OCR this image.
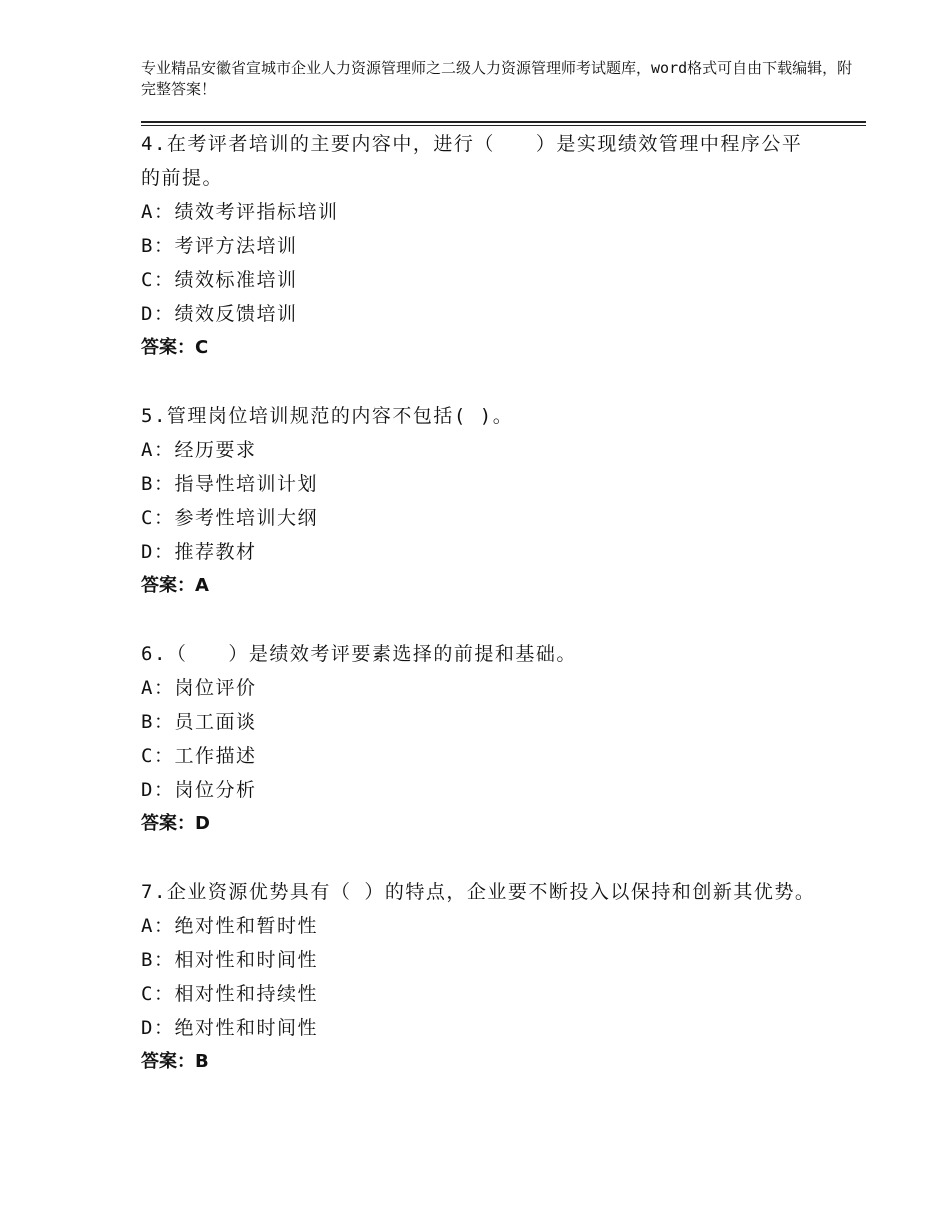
专业精品安徽省宣城市企业人力资源管理师之二级人力资源管理师考试题库，word格式可自由下载编辑，附完整答案！
4.在考评者培训的主要内容中，进行（　　）是实现绩效管理中程序公平的前提。
A：绩效考评指标培训
B：考评方法培训
C：绩效标准培训
D：绩效反馈培训
答案：C
5.管理岗位培训规范的内容不包括( )。
A：经历要求
B：指导性培训计划
C：参考性培训大纲
D：推荐教材
答案：A
6.（　　）是绩效考评要素选择的前提和基础。
A：岗位评价
B：员工面谈
C：工作描述
D：岗位分析
答案：D
7.企业资源优势具有（ ）的特点，企业要不断投入以保持和创新其优势。
A：绝对性和暂时性
B：相对性和时间性
C：相对性和持续性
D：绝对性和时间性
答案：B
